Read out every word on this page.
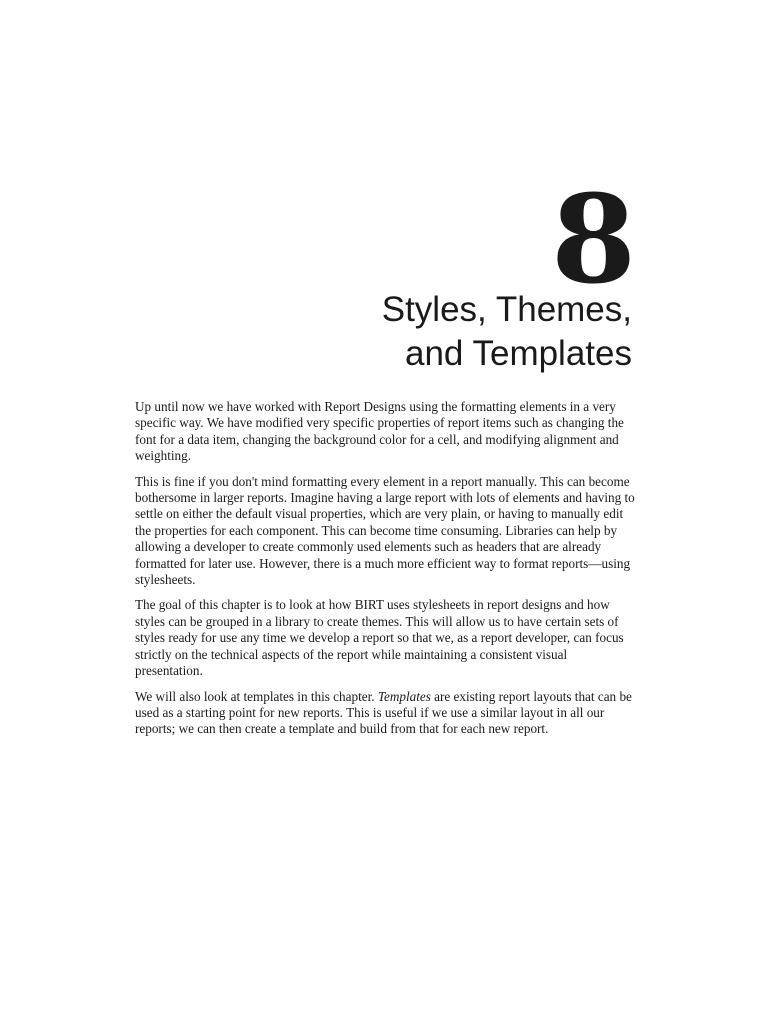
8
Styles, Themes,
and Templates

Up until now we have worked with Report Designs using the formatting elements in a very specific way. We have modified very specific properties of report items such as changing the font for a data item, changing the background color for a cell, and modifying alignment and weighting.

This is fine if you don't mind formatting every element in a report manually. This can become bothersome in larger reports. Imagine having a large report with lots of elements and having to settle on either the default visual properties, which are very plain, or having to manually edit the properties for each component. This can become time consuming. Libraries can help by allowing a developer to create commonly used elements such as headers that are already formatted for later use. However, there is a much more efficient way to format reports—using stylesheets.

The goal of this chapter is to look at how BIRT uses stylesheets in report designs and how styles can be grouped in a library to create themes. This will allow us to have certain sets of styles ready for use any time we develop a report so that we, as a report developer, can focus strictly on the technical aspects of the report while maintaining a consistent visual presentation.

We will also look at templates in this chapter. Templates are existing report layouts that can be used as a starting point for new reports. This is useful if we use a similar layout in all our reports; we can then create a template and build from that for each new report.
